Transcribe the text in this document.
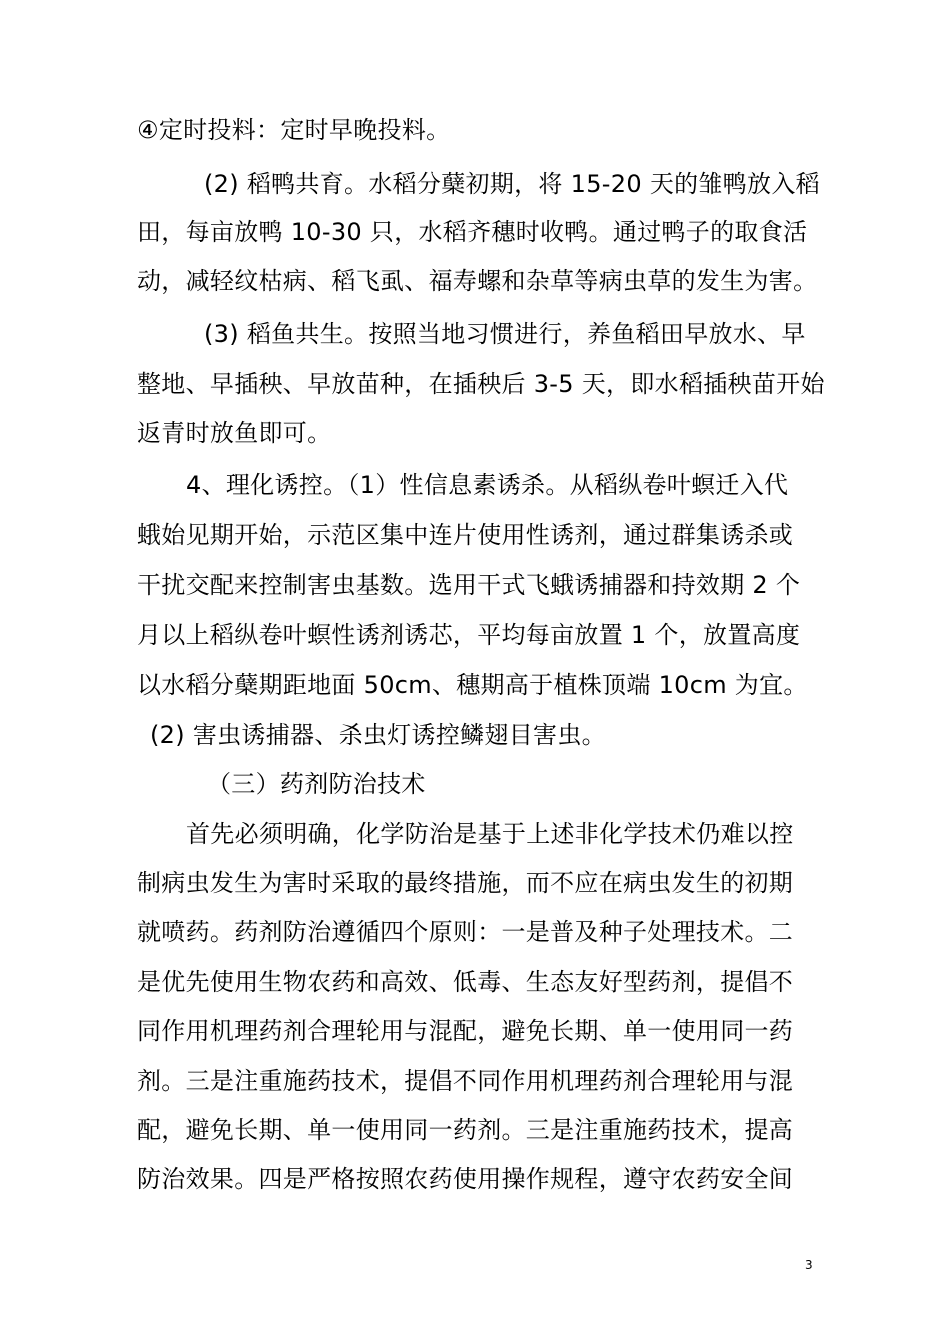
④定时投料：定时早晚投料。
(2) 稻鸭共育。水稻分蘖初期，将 15-20 天的雏鸭放入稻
田，每亩放鸭 10-30 只，水稻齐穗时收鸭。通过鸭子的取食活
动，减轻纹枯病、稻飞虱、福寿螺和杂草等病虫草的发生为害。
(3) 稻鱼共生。按照当地习惯进行，养鱼稻田早放水、早
整地、早插秧、早放苗种，在插秧后 3-5 天，即水稻插秧苗开始
返青时放鱼即可。
4、理化诱控。（1）性信息素诱杀。从稻纵卷叶螟迁入代
蛾始见期开始，示范区集中连片使用性诱剂，通过群集诱杀或
干扰交配来控制害虫基数。选用干式飞蛾诱捕器和持效期 2 个
月以上稻纵卷叶螟性诱剂诱芯，平均每亩放置 1 个，放置高度
以水稻分蘖期距地面 50cm、穗期高于植株顶端 10cm 为宜。
(2) 害虫诱捕器、杀虫灯诱控鳞翅目害虫。
（三）药剂防治技术
首先必须明确，化学防治是基于上述非化学技术仍难以控
制病虫发生为害时采取的最终措施，而不应在病虫发生的初期
就喷药。药剂防治遵循四个原则：一是普及种子处理技术。二
是优先使用生物农药和高效、低毒、生态友好型药剂，提倡不
同作用机理药剂合理轮用与混配，避免长期、单一使用同一药
剂。三是注重施药技术，提倡不同作用机理药剂合理轮用与混
配，避免长期、单一使用同一药剂。三是注重施药技术，提高
防治效果。四是严格按照农药使用操作规程，遵守农药安全间
3
